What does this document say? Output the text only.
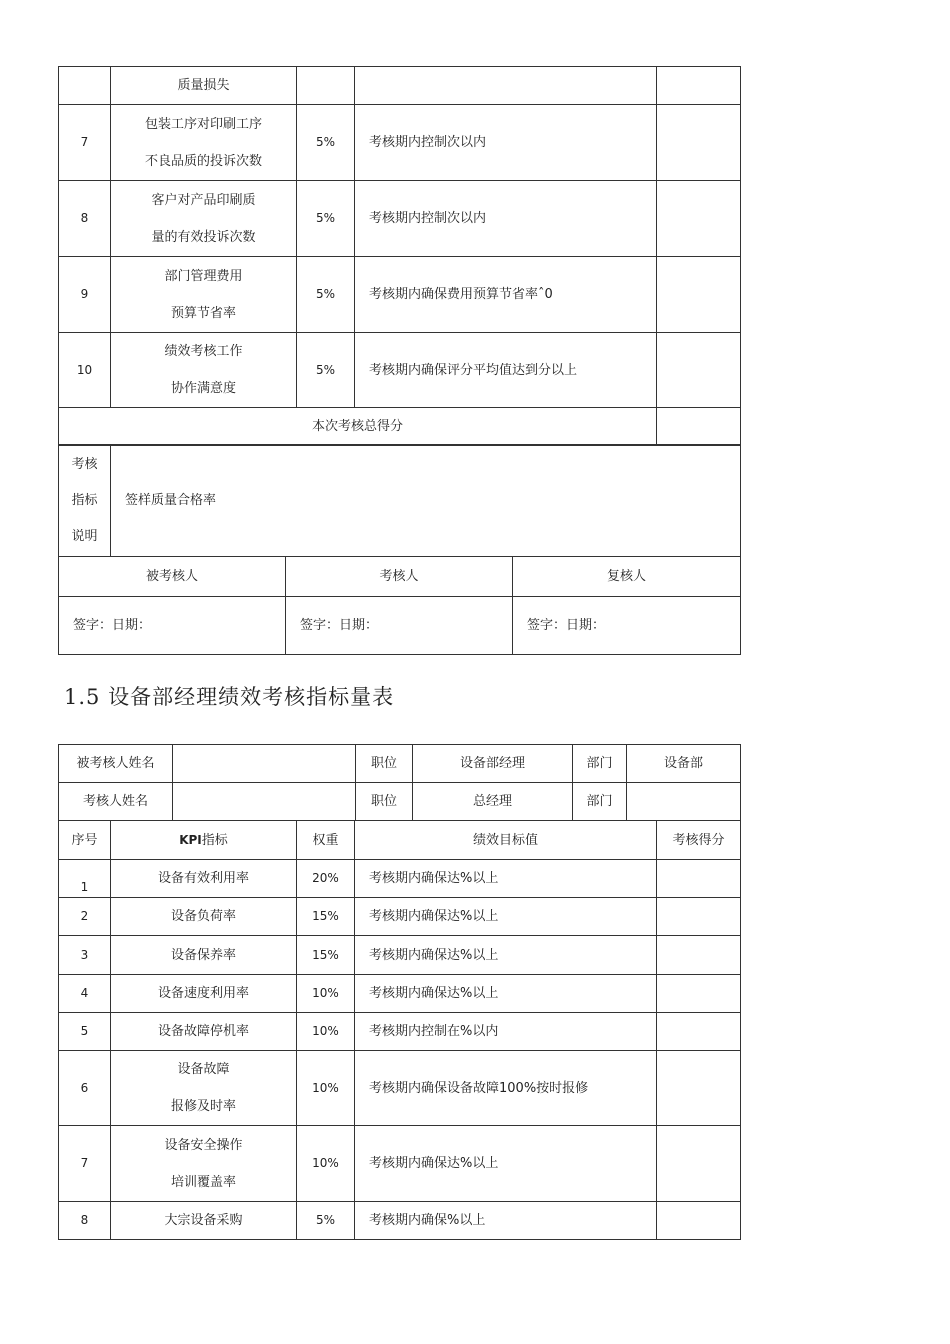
	质量损失			
7	包装工序对印刷工序
不良品质的投诉次数	5%	考核期内控制次以内	
8	客户对产品印刷质
量的有效投诉次数	5%	考核期内控制次以内	
9	部门管理费用
预算节省率	5%	考核期内确保费用预算节省率ˆ0	
10	绩效考核工作
协作满意度	5%	考核期内确保评分平均值达到分以上	
本次考核总得分				
考核
指标
说明
	签样质量合格率
被考核人	考核人	复核人
签字：日期：	签字：日期：	签字：日期：
1.5 设备部经理绩效考核指标量表
被考核人姓名		职位	设备部经理	部门	设备部
考核人姓名		职位	总经理	部门	
序号	KPI指标	权重	绩效目标值	考核得分
1	设备有效利用率	20%	考核期内确保达%以上	
2	设备负荷率	15%	考核期内确保达%以上	
3	设备保养率	15%	考核期内确保达%以上	
4	设备速度利用率	10%	考核期内确保达%以上	
5	设备故障停机率	10%	考核期内控制在%以内	
6	设备故障
报修及时率	10%	考核期内确保设备故障100%按时报修	
7	设备安全操作
培训覆盖率	10%	考核期内确保达%以上	
8	大宗设备采购	5%	考核期内确保%以上	
